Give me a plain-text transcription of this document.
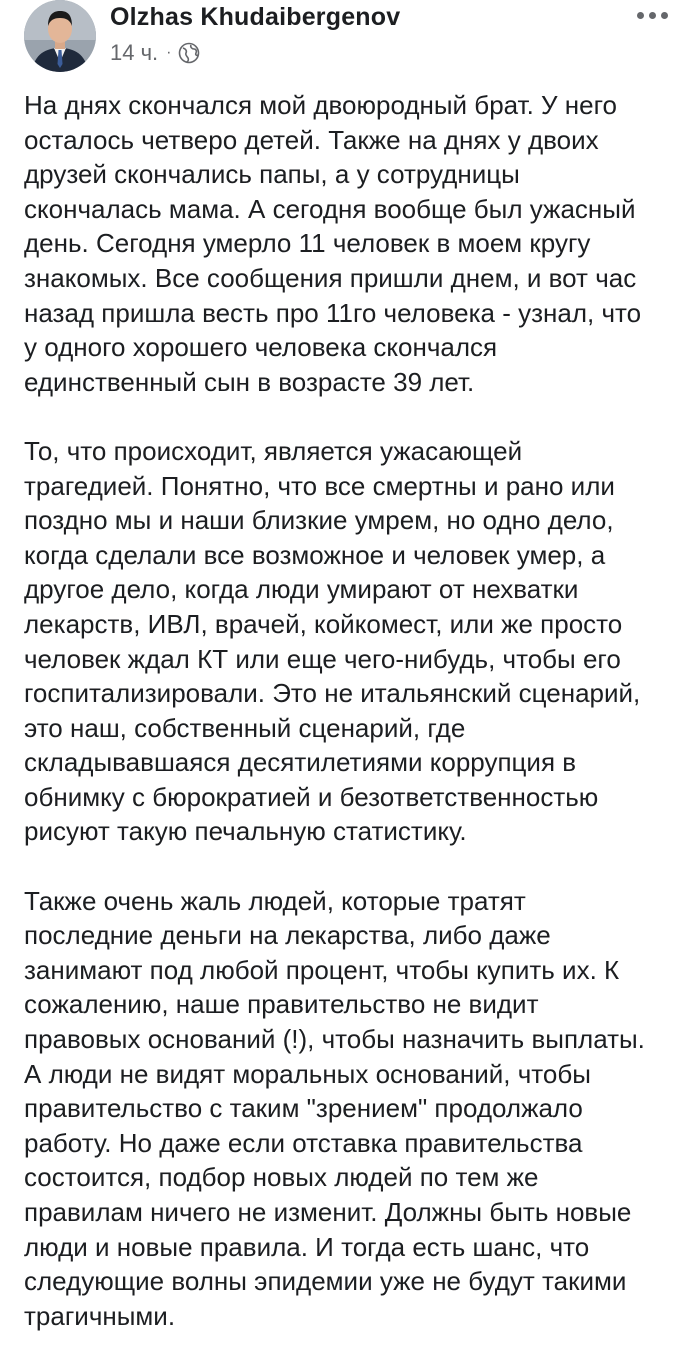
Olzhas Khudaibergenov
14 ч. ·

На днях скончался мой двоюродный брат. У него
осталось четверо детей. Также на днях у двоих
друзей скончались папы, а у сотрудницы
скончалась мама. А сегодня вообще был ужасный
день. Сегодня умерло 11 человек в моем кругу
знакомых. Все сообщения пришли днем, и вот час
назад пришла весть про 11го человека - узнал, что
у одного хорошего человека скончался
единственный сын в возрасте 39 лет.

То, что происходит, является ужасающей
трагедией. Понятно, что все смертны и рано или
поздно мы и наши близкие умрем, но одно дело,
когда сделали все возможное и человек умер, а
другое дело, когда люди умирают от нехватки
лекарств, ИВЛ, врачей, койкомест, или же просто
человек ждал КТ или еще чего-нибудь, чтобы его
госпитализировали. Это не итальянский сценарий,
это наш, собственный сценарий, где
складывавшаяся десятилетиями коррупция в
обнимку с бюрократией и безответственностью
рисуют такую печальную статистику.

Также очень жаль людей, которые тратят
последние деньги на лекарства, либо даже
занимают под любой процент, чтобы купить их. К
сожалению, наше правительство не видит
правовых оснований (!), чтобы назначить выплаты.
А люди не видят моральных оснований, чтобы
правительство с таким "зрением" продолжало
работу. Но даже если отставка правительства
состоится, подбор новых людей по тем же
правилам ничего не изменит. Должны быть новые
люди и новые правила. И тогда есть шанс, что
следующие волны эпидемии уже не будут такими
трагичными.
